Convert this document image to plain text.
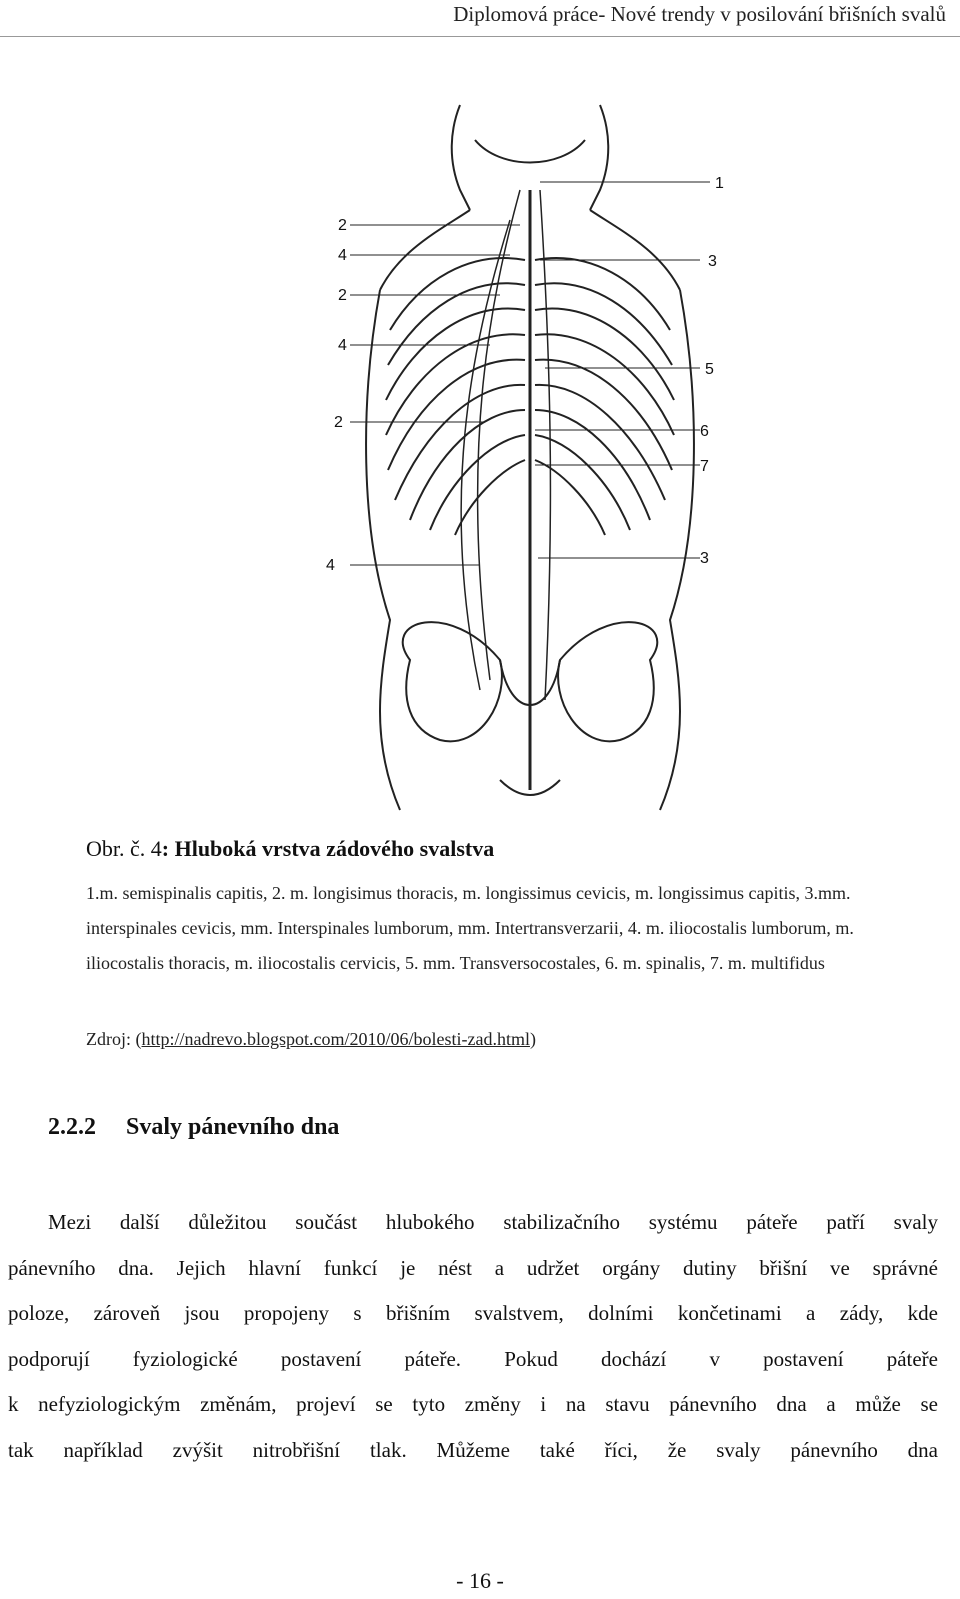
Diplomová práce- Nové trendy v posilování břišních svalů
2
4
2
4
2
4
1
3
5
6
7
3
Obr. č. 4: Hluboká vrstva zádového svalstva
1.m. semispinalis capitis, 2. m. longisimus thoracis, m. longissimus cevicis, m. longissimus capitis, 3.mm. interspinales cevicis, mm. Interspinales lumborum, mm. Intertransverzarii, 4. m. iliocostalis lumborum, m. iliocostalis thoracis, m. iliocostalis cervicis, 5. mm. Transversocostales, 6. m. spinalis, 7. m. multifidus
Zdroj: (http://nadrevo.blogspot.com/2010/06/bolesti-zad.html)
2.2.2 Svaly pánevního dna
Mezi další důležitou součást hlubokého stabilizačního systému páteře patří svaly
pánevního dna. Jejich hlavní funkcí je nést a udržet orgány dutiny břišní ve správné
poloze, zároveň jsou propojeny s břišním svalstvem, dolními končetinami a zády, kde
podporují fyziologické postavení páteře. Pokud dochází v postavení páteře
k nefyziologickým změnám, projeví se tyto změny i na stavu pánevního dna a může se
tak například zvýšit nitrobřišní tlak. Můžeme také říci, že svaly pánevního dna
- 16 -
